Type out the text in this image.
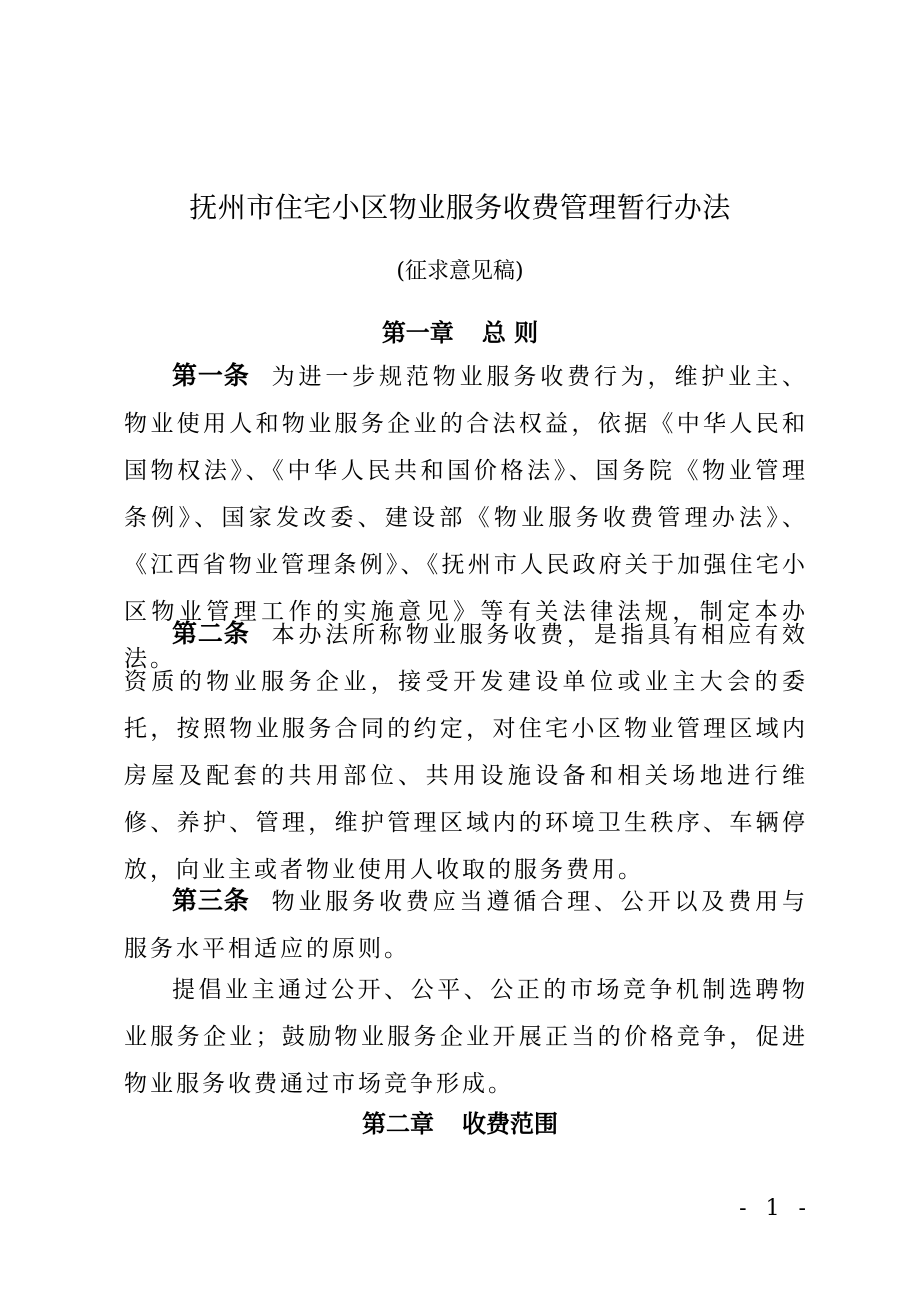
抚州市住宅小区物业服务收费管理暂行办法
(征求意见稿)
第一章 总 则

第一条 为进一步规范物业服务收费行为，维护业主、物业使用人和物业服务企业的合法权益，依据《中华人民和国物权法》、《中华人民共和国价格法》、国务院《物业管理条例》、国家发改委、建设部《物业服务收费管理办法》、《江西省物业管理条例》、《抚州市人民政府关于加强住宅小区物业管理工作的实施意见》等有关法律法规，制定本办法。

第二条 本办法所称物业服务收费，是指具有相应有效资质的物业服务企业，接受开发建设单位或业主大会的委托，按照物业服务合同的约定，对住宅小区物业管理区域内房屋及配套的共用部位、共用设施设备和相关场地进行维修、养护、管理，维护管理区域内的环境卫生秩序、车辆停放，向业主或者物业使用人收取的服务费用。

第三条 物业服务收费应当遵循合理、公开以及费用与服务水平相适应的原则。

提倡业主通过公开、公平、公正的市场竞争机制选聘物业服务企业；鼓励物业服务企业开展正当的价格竞争，促进物业服务收费通过市场竞争形成。

第二章 收费范围
- 1 -
